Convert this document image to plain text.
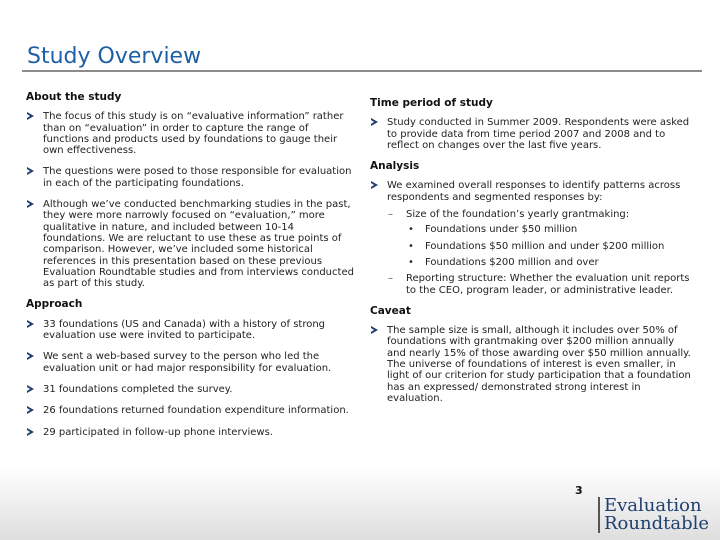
Study Overview
About the study
The focus of this study is on “evaluative information” rather than on “evaluation” in order to capture the range of functions and products used by foundations to gauge their own effectiveness.
The questions were posed to those responsible for evaluation in each of the participating foundations.
Although we’ve conducted benchmarking studies in the past, they were more narrowly focused on “evaluation,” more qualitative in nature, and included between 10-14 foundations. We are reluctant to use these as true points of comparison. However, we’ve included some historical references in this presentation based on these previous Evaluation Roundtable studies and from interviews conducted as part of this study.
Approach
33 foundations (US and Canada) with a history of strong evaluation use were invited to participate.
We sent a web-based survey to the person who led the evaluation unit or had major responsibility for evaluation.
31 foundations completed the survey.
26 foundations returned foundation expenditure information.
29 participated in follow-up phone interviews.
Time period of study
Study conducted in Summer 2009. Respondents were asked to provide data from time period 2007 and 2008 and to reflect on changes over the last five years.
Analysis
We examined overall responses to identify patterns across respondents and segmented responses by:
– Size of the foundation’s yearly grantmaking:
• Foundations under $50 million
• Foundations $50 million and under $200 million
• Foundations $200 million and over
– Reporting structure: Whether the evaluation unit reports to the CEO, program leader, or administrative leader.
Caveat
The sample size is small, although it includes over 50% of foundations with grantmaking over $200 million annually and nearly 15% of those awarding over $50 million annually. The universe of foundations of interest is even smaller, in light of our criterion for study participation that a foundation has an expressed/ demonstrated strong interest in evaluation.
3
Evaluation
Roundtable
